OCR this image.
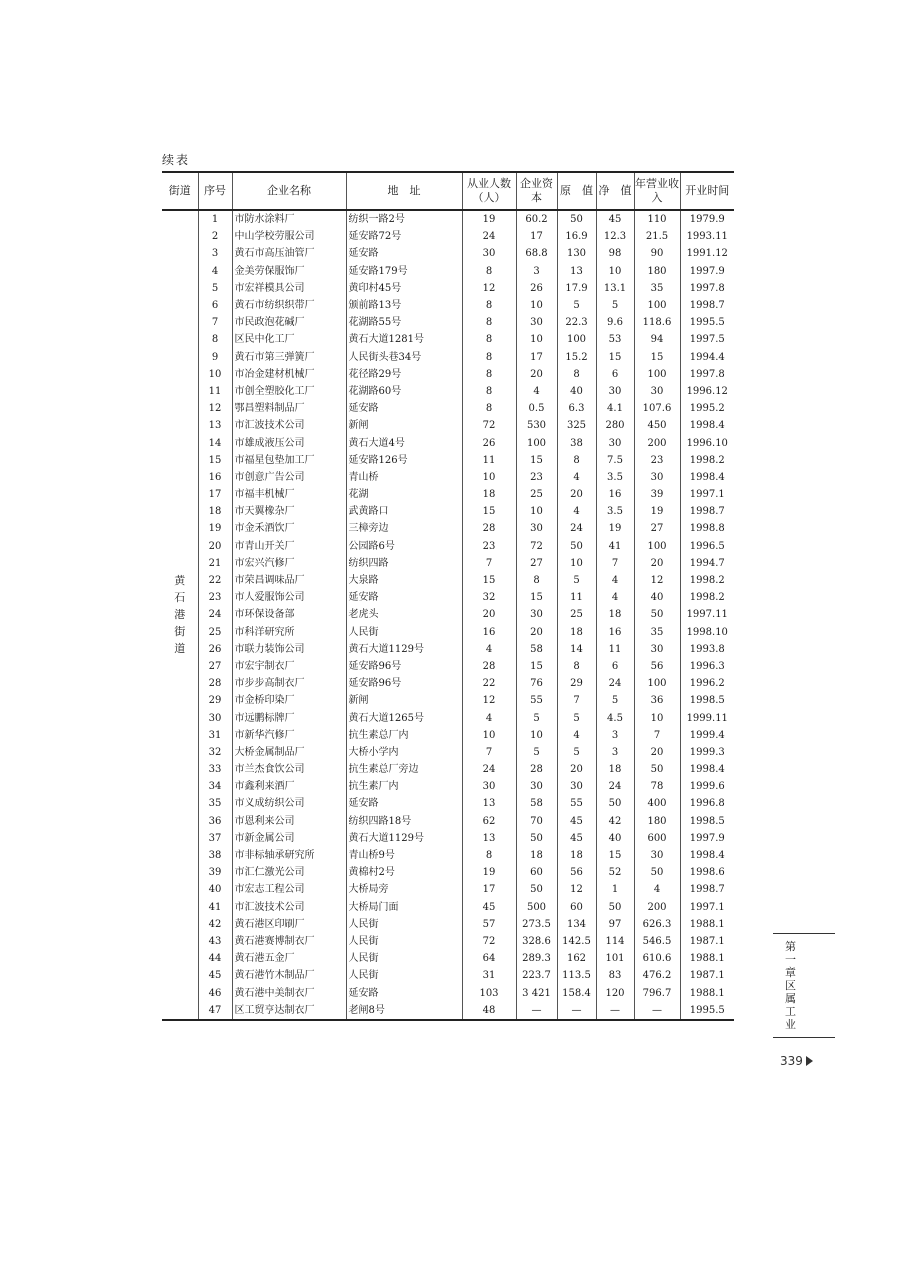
续表
街道	序号	企业名称	地　址	从业人数（人）	企业资本	原　值	净　值	年营业收入	开业时间
黄石港街道	1	市防水涂料厂	纺织一路2号	19	60.2	50	45	110	1979.9
	2	中山学校劳服公司	延安路72号	24	17	16.9	12.3	21.5	1993.11
	3	黄石市高压油管厂	延安路	30	68.8	130	98	90	1991.12
	4	金美劳保服饰厂	延安路179号	8	3	13	10	180	1997.9
	5	市宏祥模具公司	黄印村45号	12	26	17.9	13.1	35	1997.8
	6	黄石市纺织织带厂	颁前路13号	8	10	5	5	100	1998.7
	7	市民政泡花碱厂	花湖路55号	8	30	22.3	9.6	118.6	1995.5
	8	区民中化工厂	黄石大道1281号	8	10	100	53	94	1997.5
	9	黄石市第三弹簧厂	人民街头巷34号	8	17	15.2	15	15	1994.4
	10	市冶金建材机械厂	花径路29号	8	20	8	6	100	1997.8
	11	市创全塑胶化工厂	花湖路60号	8	4	40	30	30	1996.12
	12	鄂昌塑料制品厂	延安路	8	0.5	6.3	4.1	107.6	1995.2
	13	市汇波技术公司	新闸	72	530	325	280	450	1998.4
	14	市雄成液压公司	黄石大道4号	26	100	38	30	200	1996.10
	15	市福星包垫加工厂	延安路126号	11	15	8	7.5	23	1998.2
	16	市创意广告公司	青山桥	10	23	4	3.5	30	1998.4
	17	市福丰机械厂	花湖	18	25	20	16	39	1997.1
	18	市天翼橡杂厂	武黄路口	15	10	4	3.5	19	1998.7
	19	市金禾酒饮厂	三樟旁边	28	30	24	19	27	1998.8
	20	市青山开关厂	公园路6号	23	72	50	41	100	1996.5
	21	市宏兴汽修厂	纺织四路	7	27	10	7	20	1994.7
	22	市荣昌调味品厂	大泉路	15	8	5	4	12	1998.2
	23	市人爱服饰公司	延安路	32	15	11	4	40	1998.2
	24	市环保设备部	老虎头	20	30	25	18	50	1997.11
	25	市科洋研究所	人民街	16	20	18	16	35	1998.10
	26	市联力装饰公司	黄石大道1129号	4	58	14	11	30	1993.8
	27	市宏宇制衣厂	延安路96号	28	15	8	6	56	1996.3
	28	市步步高制衣厂	延安路96号	22	76	29	24	100	1996.2
	29	市金桥印染厂	新闸	12	55	7	5	36	1998.5
	30	市远鹏标牌厂	黄石大道1265号	4	5	5	4.5	10	1999.11
	31	市新华汽修厂	抗生素总厂内	10	10	4	3	7	1999.4
	32	大桥金属制品厂	大桥小学内	7	5	5	3	20	1999.3
	33	市兰杰食饮公司	抗生素总厂旁边	24	28	20	18	50	1998.4
	34	市鑫利来酒厂	抗生素厂内	30	30	30	24	78	1999.6
	35	市义成纺织公司	延安路	13	58	55	50	400	1996.8
	36	市恩利来公司	纺织四路18号	62	70	45	42	180	1998.5
	37	市新金属公司	黄石大道1129号	13	50	45	40	600	1997.9
	38	市非标轴承研究所	青山桥9号	8	18	18	15	30	1998.4
	39	市汇仁激光公司	黄棉村2号	19	60	56	52	50	1998.6
	40	市宏志工程公司	大桥局旁	17	50	12	1	4	1998.7
	41	市汇波技术公司	大桥局门面	45	500	60	50	200	1997.1
	42	黄石港区印刷厂	人民街	57	273.5	134	97	626.3	1988.1
	43	黄石港赛博制衣厂	人民街	72	328.6	142.5	114	546.5	1987.1
	44	黄石港五金厂	人民街	64	289.3	162	101	610.6	1988.1
	45	黄石港竹木制品厂	人民街	31	223.7	113.5	83	476.2	1987.1
	46	黄石港中美制衣厂	延安路	103	3 421	158.4	120	796.7	1988.1
	47	区工贸亨达制衣厂	老闸8号	48	—	—	—	—	1995.5
第一章　区属工业
339
